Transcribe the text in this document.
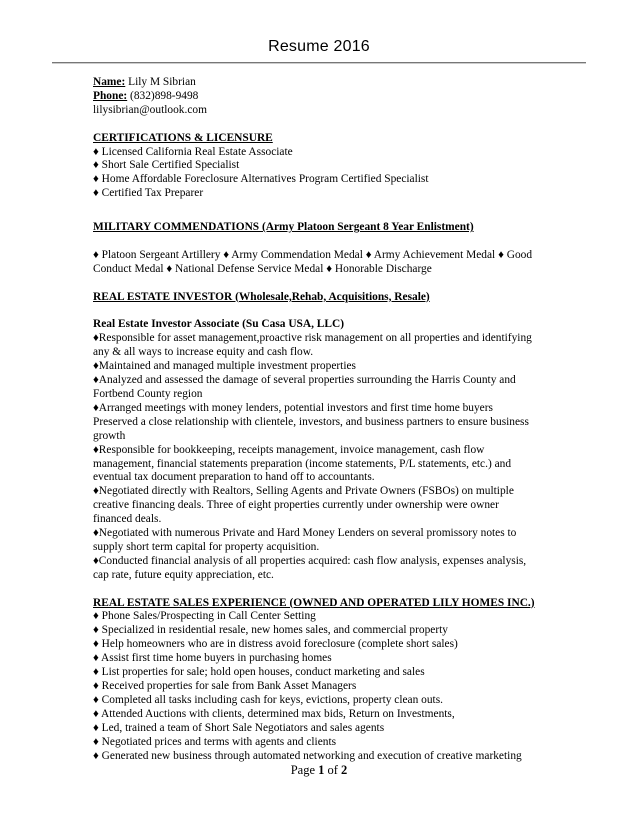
Resume 2016
Name: Lily M Sibrian
Phone: (832)898-9498
lilysibrian@outlook.com
CERTIFICATIONS & LICENSURE
♦ Licensed California Real Estate Associate
♦ Short Sale Certified Specialist
♦ Home Affordable Foreclosure Alternatives Program Certified Specialist
♦ Certified Tax Preparer
MILITARY COMMENDATIONS (Army Platoon Sergeant 8 Year Enlistment)
♦ Platoon Sergeant Artillery ♦ Army Commendation Medal ♦ Army Achievement Medal ♦ Good
Conduct Medal ♦ National Defense Service Medal ♦ Honorable Discharge
REAL ESTATE INVESTOR (Wholesale,Rehab, Acquisitions, Resale)
Real Estate Investor Associate (Su Casa USA, LLC)
♦Responsible for asset management,proactive risk management on all properties and identifying
any & all ways to increase equity and cash flow.
♦Maintained and managed multiple investment properties
♦Analyzed and assessed the damage of several properties surrounding the Harris County and
Fortbend County region
♦Arranged meetings with money lenders, potential investors and first time home buyers
Preserved a close relationship with clientele, investors, and business partners to ensure business
growth
♦Responsible for bookkeeping, receipts management, invoice management, cash flow
management, financial statements preparation (income statements, P/L statements, etc.) and
eventual tax document preparation to hand off to accountants.
♦Negotiated directly with Realtors, Selling Agents and Private Owners (FSBOs) on multiple
creative financing deals. Three of eight properties currently under ownership were owner
financed deals.
♦Negotiated with numerous Private and Hard Money Lenders on several promissory notes to
supply short term capital for property acquisition.
♦Conducted financial analysis of all properties acquired: cash flow analysis, expenses analysis,
cap rate, future equity appreciation, etc.
REAL ESTATE SALES EXPERIENCE (OWNED AND OPERATED LILY HOMES INC.)
♦ Phone Sales/Prospecting in Call Center Setting
♦ Specialized in residential resale, new homes sales, and commercial property
♦ Help homeowners who are in distress avoid foreclosure (complete short sales)
♦ Assist first time home buyers in purchasing homes
♦ List properties for sale; hold open houses, conduct marketing and sales
♦ Received properties for sale from Bank Asset Managers
♦ Completed all tasks including cash for keys, evictions, property clean outs.
♦ Attended Auctions with clients, determined max bids, Return on Investments,
♦ Led, trained a team of Short Sale Negotiators and sales agents
♦ Negotiated prices and terms with agents and clients
♦ Generated new business through automated networking and execution of creative marketing
Page 1 of 2
